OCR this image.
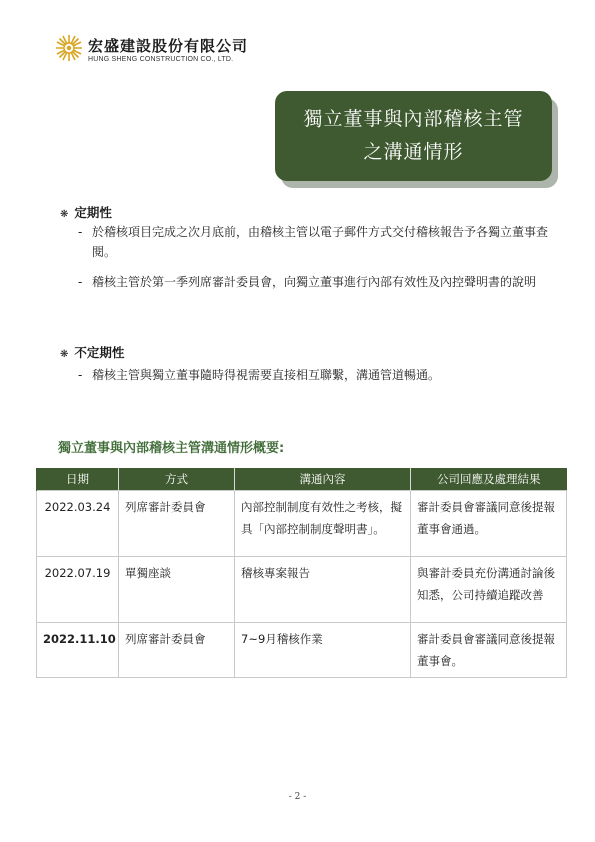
宏盛建設股份有限公司
HUNG SHENG CONSTRUCTION CO., LTD.
獨立董事與內部稽核主管
之溝通情形
❋ 定期性
- 於稽核項目完成之次月底前，由稽核主管以電子郵件方式交付稽核報告予各獨立董事查閱。
- 稽核主管於第一季列席審計委員會，向獨立董事進行內部有效性及內控聲明書的說明
❋ 不定期性
- 稽核主管與獨立董事隨時得視需要直接相互聯繫，溝通管道暢通。
獨立董事與內部稽核主管溝通情形概要:
日期	方式	溝通內容	公司回應及處理結果
2022.03.24	列席審計委員會	內部控制制度有效性之考核，擬具「內部控制制度聲明書」。	審計委員會審議同意後提報董事會通過。
2022.07.19	單獨座談	稽核專案報告	與審計委員充份溝通討論後知悉，公司持續追蹤改善
2022.11.10	列席審計委員會	7~9月稽核作業	審計委員會審議同意後提報董事會。
- 2 -
